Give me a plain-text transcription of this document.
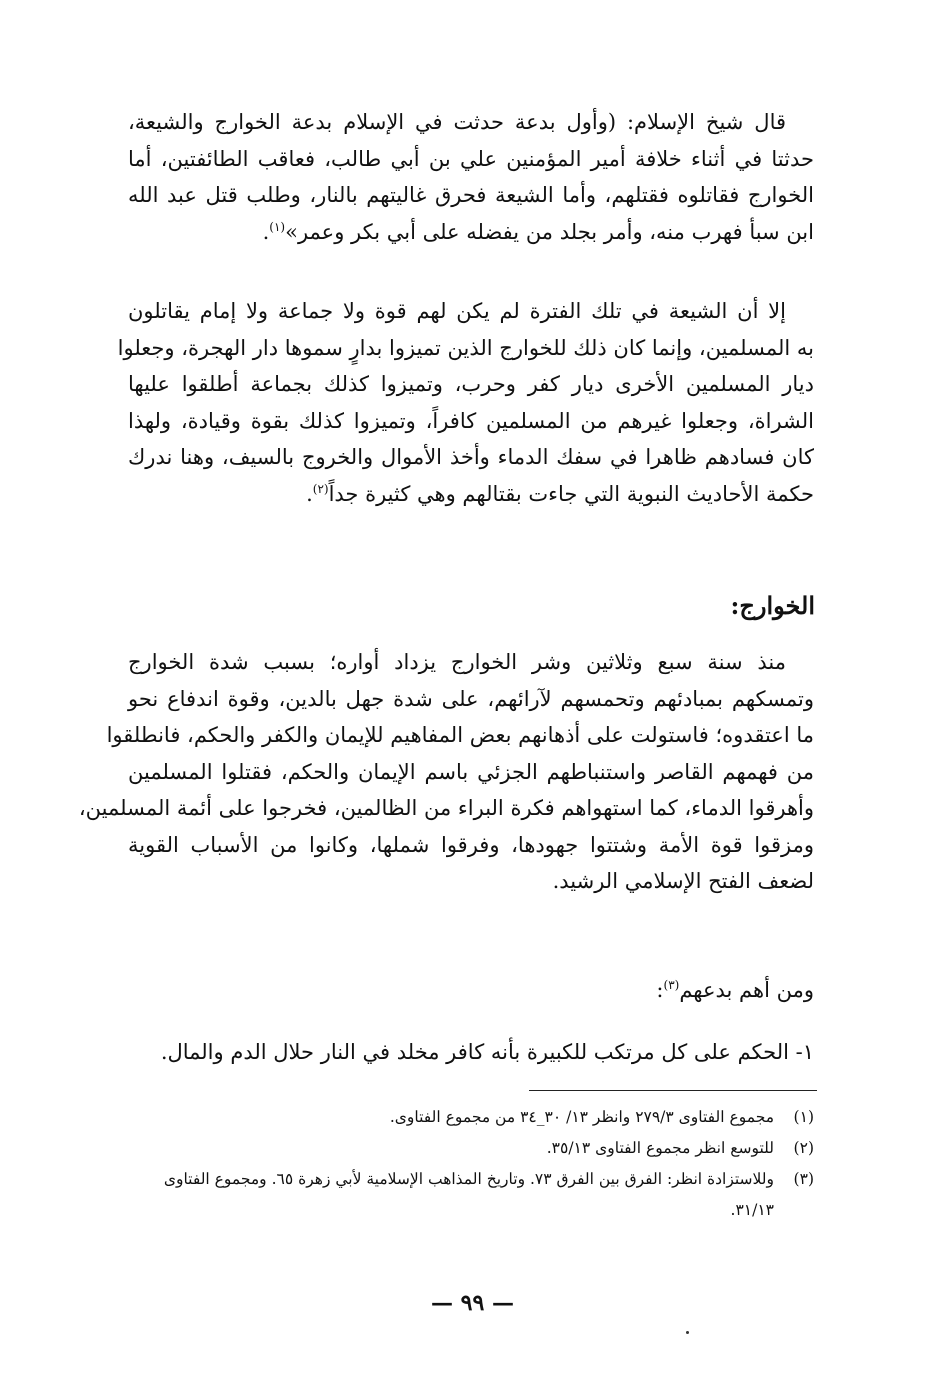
قال شيخ الإسلام: (وأول بدعة حدثت في الإسلام بدعة الخوارج والشيعة،
حدثتا في أثناء خلافة أمير المؤمنين علي بن أبي طالب، فعاقب الطائفتين، أما
الخوارج فقاتلوه فقتلهم، وأما الشيعة فحرق غاليتهم بالنار، وطلب قتل عبد الله
ابن سبأ فهرب منه، وأمر بجلد من يفضله على أبي بكر وعمر»$^{(١)}$.
إلا أن الشيعة في تلك الفترة لم يكن لهم قوة ولا جماعة ولا إمام يقاتلون
به المسلمين، وإنما كان ذلك للخوارج الذين تميزوا بدارٍ سموها دار الهجرة، وجعلوا
ديار المسلمين الأخرى ديار كفر وحرب، وتميزوا كذلك بجماعة أطلقوا عليها
الشراة، وجعلوا غيرهم من المسلمين كافراً، وتميزوا كذلك بقوة وقيادة، ولهذا
كان فسادهم ظاهرا في سفك الدماء وأخذ الأموال والخروج بالسيف، وهنا ندرك
حكمة الأحاديث النبوية التي جاءت بقتالهم وهي كثيرة جداً$^{(٢)}$.
الخوارج:
منذ سنة سبع وثلاثين وشر الخوارج يزداد أواره؛ بسبب شدة الخوارج
وتمسكهم بمبادئهم وتحمسهم لآرائهم، على شدة جهل بالدين، وقوة اندفاع نحو
ما اعتقدوه؛ فاستولت على أذهانهم بعض المفاهيم للإيمان والكفر والحكم، فانطلقوا
من فهمهم القاصر واستنباطهم الجزئي باسم الإيمان والحكم، فقتلوا المسلمين
وأهرقوا الدماء، كما استهواهم فكرة البراء من الظالمين، فخرجوا على أئمة المسلمين،
ومزقوا قوة الأمة وشتتوا جهودها، وفرقوا شملها، وكانوا من الأسباب القوية
لضعف الفتح الإسلامي الرشيد.
ومن أهم بدعهم$^{(٣)}$:
١- الحكم على كل مرتكب للكبيرة بأنه كافر مخلد في النار حلال الدم والمال.
(١)
مجموع الفتاوى ٢٧٩/٣ وانظر ١٣/ ٣٠_٣٤ من مجموع الفتاوى.
(٢)
للتوسع انظر مجموع الفتاوى ٣٥/١٣.
(٣)
وللاستزادة انظر: الفرق بين الفرق ٧٣. وتاريخ المذاهب الإسلامية لأبي زهرة ٦٥. ومجموع الفتاوى ٣١/١٣.
— ٩٩ —
